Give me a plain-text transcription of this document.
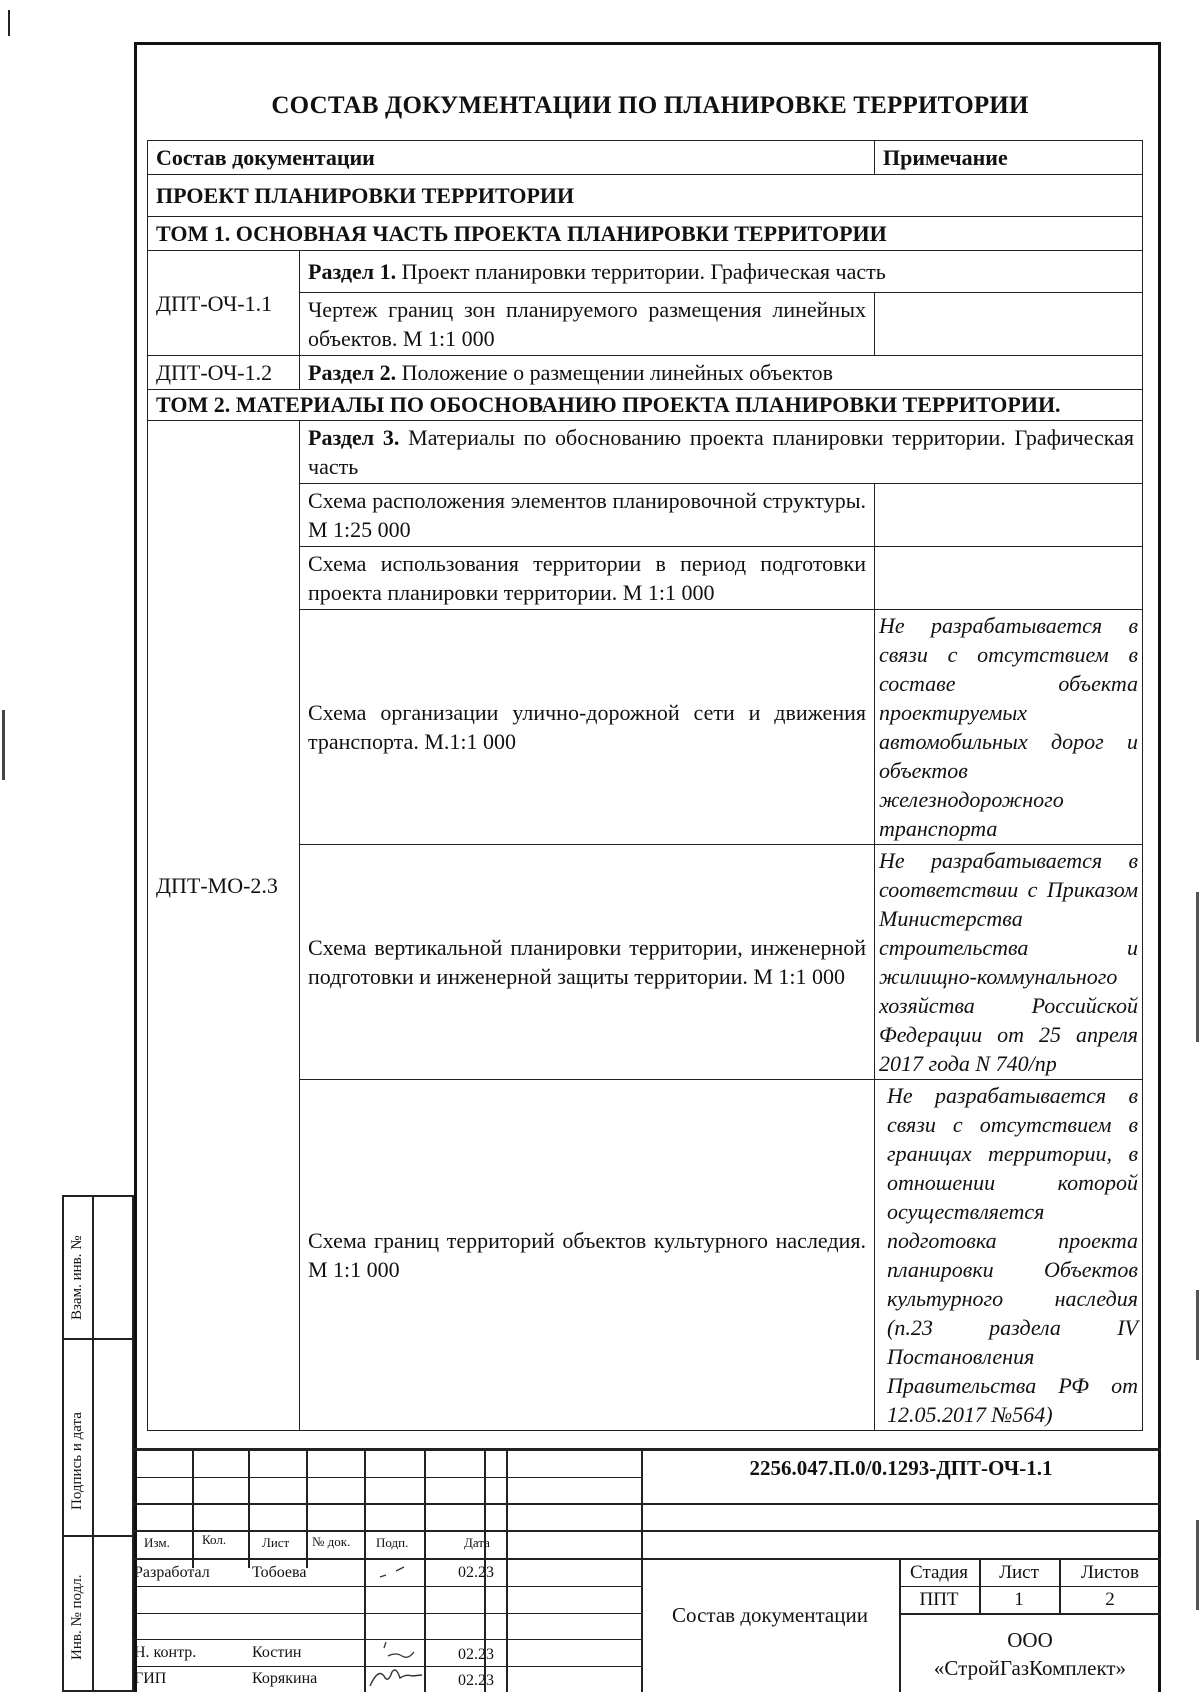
СОСТАВ ДОКУМЕНТАЦИИ ПО ПЛАНИРОВКЕ ТЕРРИТОРИИ
Состав документации		Примечание
ПРОЕКТ ПЛАНИРОВКИ ТЕРРИТОРИИ		
ТОМ 1. ОСНОВНАЯ ЧАСТЬ ПРОЕКТА ПЛАНИРОВКИ ТЕРРИТОРИИ		
ДПТ-ОЧ-1.1	Раздел 1. Проект планировки территории. Графическая часть	
	Чертеж границ зон планируемого размещения линейных объектов. М 1:1 000	
ДПТ-ОЧ-1.2	Раздел 2. Положение о размещении линейных объектов	
ТОМ 2. МАТЕРИАЛЫ ПО ОБОСНОВАНИЮ ПРОЕКТА ПЛАНИРОВКИ ТЕРРИТОРИИ.		
ДПТ-МО-2.3	Раздел 3. Материалы по обоснованию проекта планировки территории. Графическая часть	
	Схема расположения элементов планировочной структуры. М 1:25 000	
	Схема использования территории в период подготовки проекта планировки территории. М 1:1 000	
	Схема организации улично-дорожной сети и движения транспорта. М.1:1 000	Не разрабатывается в связи с отсутствием в составе объекта проектируемых автомобильных дорог и объектов железнодорожного транспорта
	Схема вертикальной планировки территории, инженерной подготовки и инженерной защиты территории. М 1:1 000	Не разрабатывается в соответствии с Приказом Министерства строительства и жилищно-коммунального хозяйства Российской Федерации от 25 апреля 2017 года N 740/пр
	Схема границ территорий объектов культурного наследия. М 1:1 000	Не разрабатывается в связи с отсутствием в границах территории, в отношении которой осуществляется подготовка проекта планировки Объектов культурного наследия (п.23 раздела IV Постановления Правительства РФ от 12.05.2017 №564)
Взам. инв. №
Подпись и дата
Инв. № подл.
2256.047.П.0/0.1293-ДПТ-ОЧ-1.1
Изм. Кол.	Лист № док. Подп.	Дата
Разработал	Тобоева	02.23
Н. контр.	Костин	02.23
ГИП	Корякина	02.23
Состав документации
Стадия	Лист	Листов
ППТ	1	2
ООО
«СтройГазКомплект»
